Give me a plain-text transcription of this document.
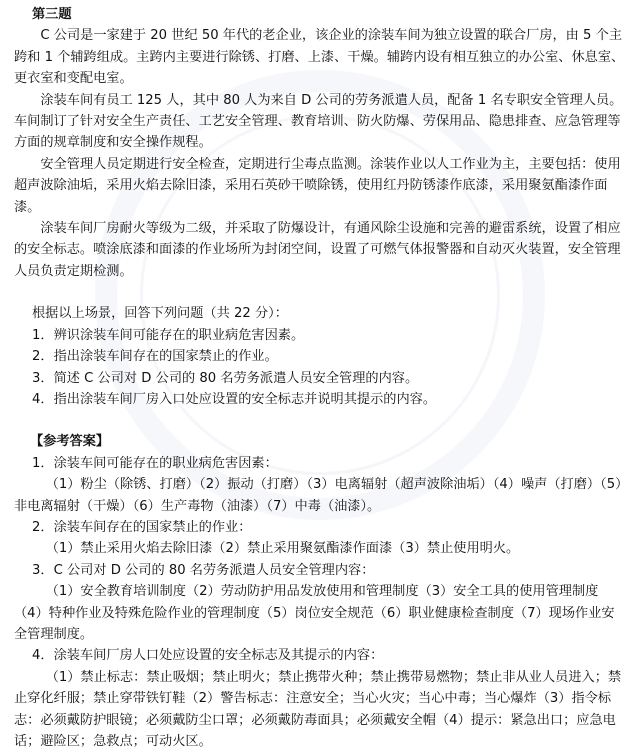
第三题

C 公司是一家建于 20 世纪 50 年代的老企业，该企业的涂装车间为独立设置的联合厂房，由 5 个主跨和 1 个辅跨组成。主跨内主要进行除锈、打磨、上漆、干燥。辅跨内设有相互独立的办公室、休息室、更衣室和变配电室。

涂装车间有员工 125 人，其中 80 人为来自 D 公司的劳务派遣人员，配备 1 名专职安全管理人员。车间制订了针对安全生产责任、工艺安全管理、教育培训、防火防爆、劳保用品、隐患排查、应急管理等方面的规章制度和安全操作规程。

安全管理人员定期进行安全检查，定期进行尘毒点监测。涂装作业以人工作业为主，主要包括：使用超声波除油垢，采用火焰去除旧漆，采用石英砂干喷除锈，使用红丹防锈漆作底漆，采用聚氨酯漆作面漆。

涂装车间厂房耐火等级为二级，并采取了防爆设计，有通风除尘设施和完善的避雷系统，设置了相应的安全标志。喷涂底漆和面漆的作业场所为封闭空间，设置了可燃气体报警器和自动灭火装置，安全管理人员负责定期检测。

根据以上场景，回答下列问题（共 22 分）：

1．辨识涂装车间可能存在的职业病危害因素。

2．指出涂装车间存在的国家禁止的作业。

3．简述 C 公司对 D 公司的 80 名劳务派遣人员安全管理的内容。

4．指出涂装车间厂房入口处应设置的安全标志并说明其提示的内容。

【参考答案】

1．涂装车间可能存在的职业病危害因素：

（1）粉尘（除锈、打磨）（2）振动（打磨）（3）电离辐射（超声波除油垢）（4）噪声（打磨）（5）非电离辐射（干燥）（6）生产毒物（油漆）（7）中毒（油漆）。

2．涂装车间存在的国家禁止的作业：

（1）禁止采用火焰去除旧漆（2）禁止采用聚氨酯漆作面漆（3）禁止使用明火。

3．C 公司对 D 公司的 80 名劳务派遣人员安全管理内容：

（1）安全教育培训制度（2）劳动防护用品发放使用和管理制度（3）安全工具的使用管理制度（4）特种作业及特殊危险作业的管理制度（5）岗位安全规范（6）职业健康检查制度（7）现场作业安全管理制度。

4．涂装车间厂房人口处应设置的安全标志及其提示的内容：

（1）禁止标志：禁止吸烟；禁止明火；禁止携带火种；禁止携带易燃物；禁止非从业人员进入；禁止穿化纤服；禁止穿带铁钉鞋（2）警告标志：注意安全；当心火灾；当心中毒；当心爆炸（3）指令标志：必须戴防护眼镜；必须戴防尘口罩；必须戴防毒面具；必须戴安全帽（4）提示：紧急出口；应急电话；避险区；急救点；可动火区。
